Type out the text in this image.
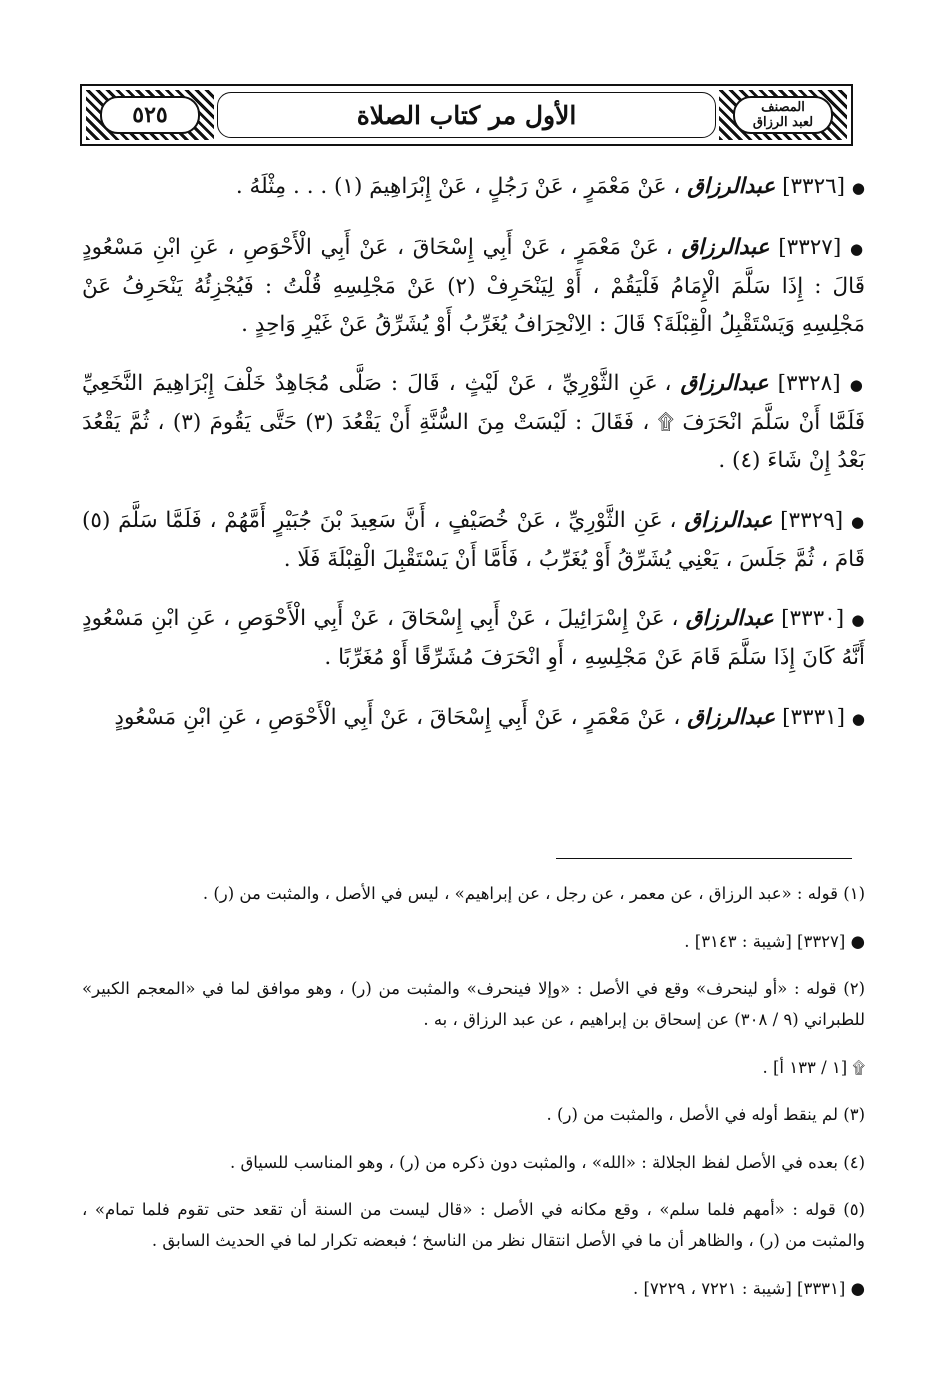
المصنف
لعبد الرزاق
الأول مر كتاب الصلاة
٥٢٥

● [٣٣٢٦] عبدالرزاق ، عَنْ مَعْمَرٍ ، عَنْ رَجُلٍ ، عَنْ إِبْرَاهِيمَ (١) . . . مِثْلَهُ .

● [٣٣٢٧] عبدالرزاق ، عَنْ مَعْمَرٍ ، عَنْ أَبِي إِسْحَاقَ ، عَنْ أَبِي الْأَحْوَصِ ، عَنِ ابْنِ مَسْعُودٍ قَالَ : إِذَا سَلَّمَ الْإِمَامُ فَلْيَقُمْ ، أَوْ لِيَنْحَرِفْ (٢) عَنْ مَجْلِسِهِ قُلْتُ : فَيُجْزِئُهُ يَنْحَرِفُ عَنْ مَجْلِسِهِ وَيَسْتَقْبِلُ الْقِبْلَةَ؟ قَالَ : الِانْحِرَافُ يُغَرِّبُ أَوْ يُشَرِّقُ عَنْ غَيْرِ وَاحِدٍ .

● [٣٣٢٨] عبدالرزاق ، عَنِ الثَّوْرِيِّ ، عَنْ لَيْثٍ ، قَالَ : صَلَّى مُجَاهِدٌ خَلْفَ إِبْرَاهِيمَ النَّخَعِيِّ فَلَمَّا أَنْ سَلَّمَ انْحَرَفَ ۩ ، فَقَالَ : لَيْسَتْ مِنَ السُّنَّةِ أَنْ يَقْعُدَ (٣) حَتَّى يَقُومَ (٣) ، ثُمَّ يَقْعُدَ بَعْدُ إِنْ شَاءَ (٤) .

● [٣٣٢٩] عبدالرزاق ، عَنِ الثَّوْرِيِّ ، عَنْ خُصَيْفٍ ، أَنَّ سَعِيدَ بْنَ جُبَيْرٍ أَمَّهُمْ ، فَلَمَّا سَلَّمَ (٥) قَامَ ، ثُمَّ جَلَسَ ، يَعْنِي يُشَرِّقُ أَوْ يُغَرِّبُ ، فَأَمَّا أَنْ يَسْتَقْبِلَ الْقِبْلَةَ فَلَا .

● [٣٣٣٠] عبدالرزاق ، عَنْ إِسْرَائِيلَ ، عَنْ أَبِي إِسْحَاقَ ، عَنْ أَبِي الْأَحْوَصِ ، عَنِ ابْنِ مَسْعُودٍ أَنَّهُ كَانَ إِذَا سَلَّمَ قَامَ عَنْ مَجْلِسِهِ ، أَوِ انْحَرَفَ مُشَرِّقًا أَوْ مُغَرِّبًا .

● [٣٣٣١] عبدالرزاق ، عَنْ مَعْمَرٍ ، عَنْ أَبِي إِسْحَاقَ ، عَنْ أَبِي الْأَحْوَصِ ، عَنِ ابْنِ مَسْعُودٍ

(١) قوله : «عبد الرزاق ، عن معمر ، عن رجل ، عن إبراهيم» ، ليس في الأصل ، والمثبت من (ر) .

● [٣٣٢٧] [شيبة : ٣١٤٣] .

(٢) قوله : «أو لينحرف» وقع في الأصل : «وإلا فينحرف» والمثبت من (ر) ، وهو موافق لما في «المعجم الكبير» للطبراني (٩ / ٣٠٨) عن إسحاق بن إبراهيم ، عن عبد الرزاق ، به .

۩ [١ / ١٣٣ أ] .

(٣) لم ينقط أوله في الأصل ، والمثبت من (ر) .

(٤) بعده في الأصل لفظ الجلالة : «الله» ، والمثبت دون ذكره من (ر) ، وهو المناسب للسياق .

(٥) قوله : «أمهم فلما سلم» ، وقع مكانه في الأصل : «قال ليست من السنة أن تقعد حتى تقوم فلما تمام» ، والمثبت من (ر) ، والظاهر أن ما في الأصل انتقال نظر من الناسخ ؛ فبعضه تكرار لما في الحديث السابق .

● [٣٣٣١] [شيبة : ٧٢٢١ ، ٧٢٢٩] .
